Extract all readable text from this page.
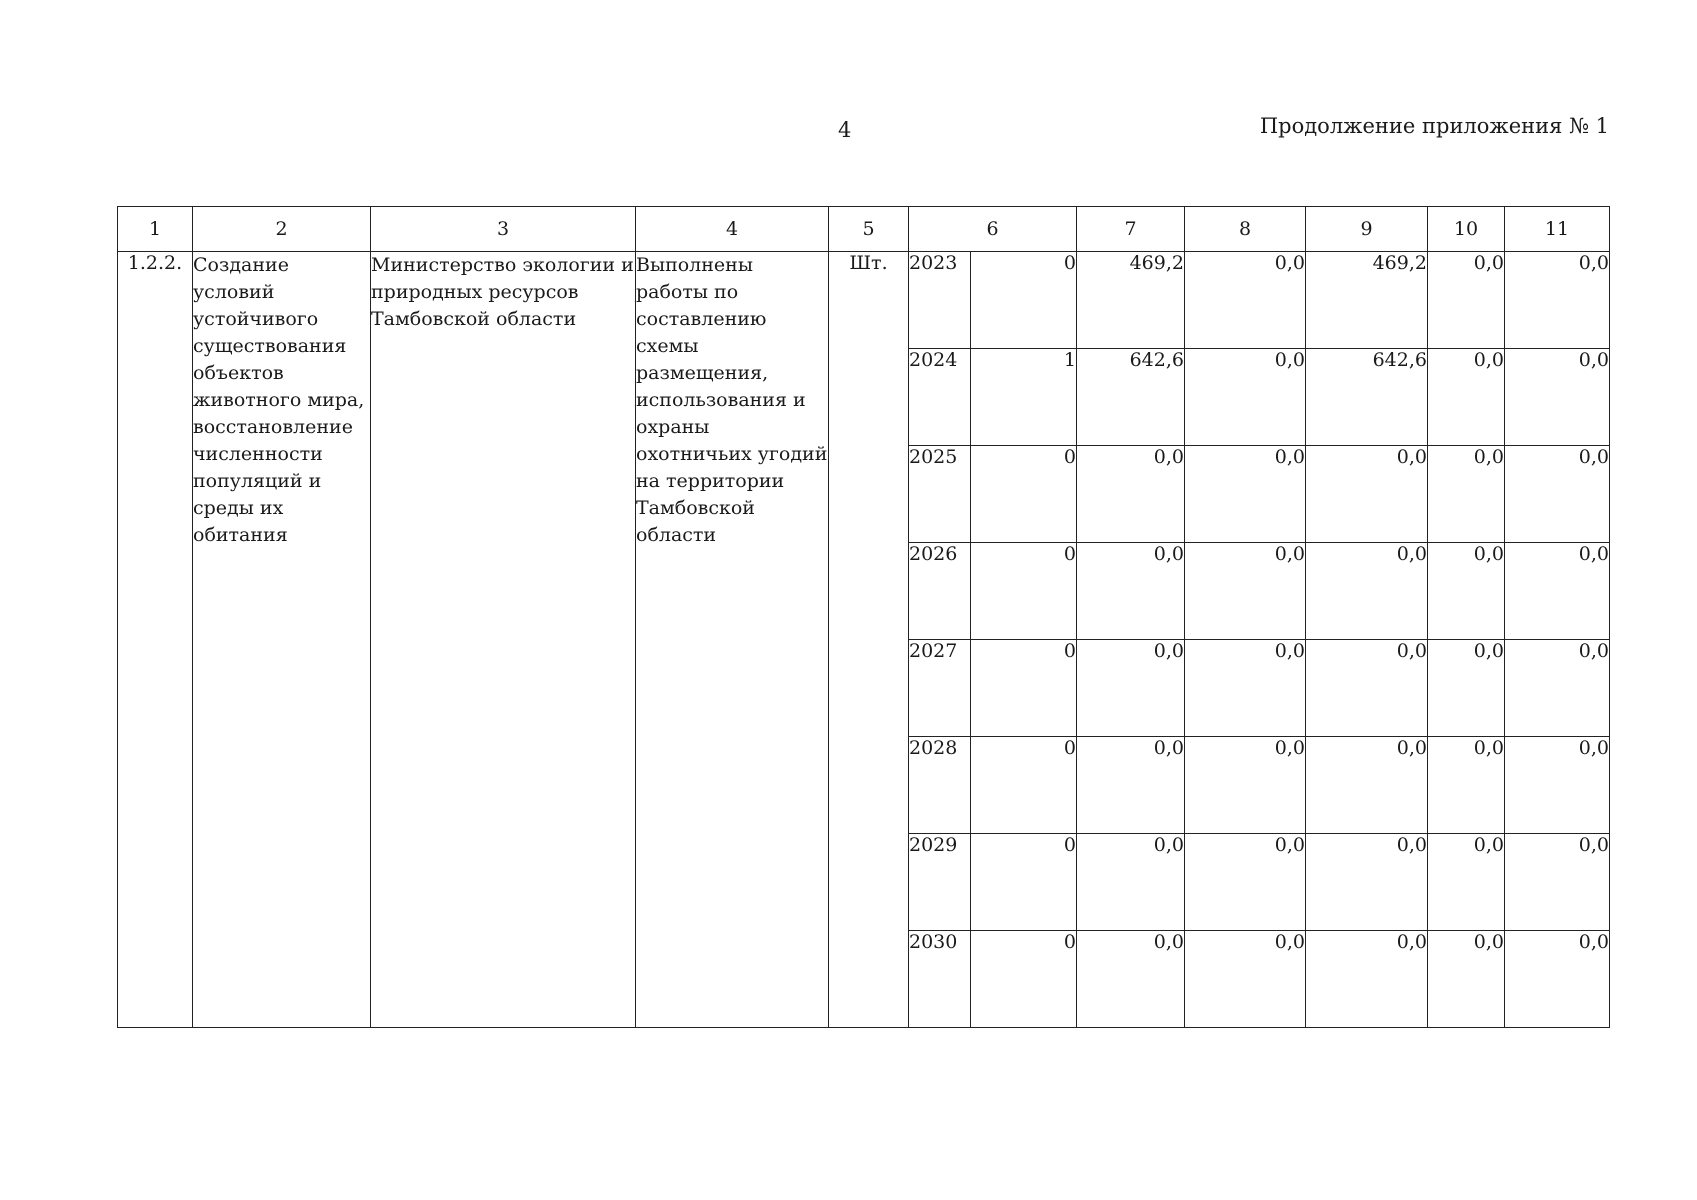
4	Продолжение приложения № 1
1	2	3	4	5	6		7	8	9	10	11
1.2.2.	Создание условий устойчивого существования объектов животного мира, восстановление численности популяций и среды их обитания	Министерство экологии и природных ресурсов Тамбовской области	Выполнены работы по составлению схемы размещения, использования и охраны охотничьих угодий на территории Тамбовской области	Шт.	2023	0	469,2	0,0	469,2	0,0	0,0
					2024	1	642,6	0,0	642,6	0,0	0,0
					2025	0	0,0	0,0	0,0	0,0	0,0
					2026	0	0,0	0,0	0,0	0,0	0,0
					2027	0	0,0	0,0	0,0	0,0	0,0
					2028	0	0,0	0,0	0,0	0,0	0,0
					2029	0	0,0	0,0	0,0	0,0	0,0
					2030	0	0,0	0,0	0,0	0,0	0,0
